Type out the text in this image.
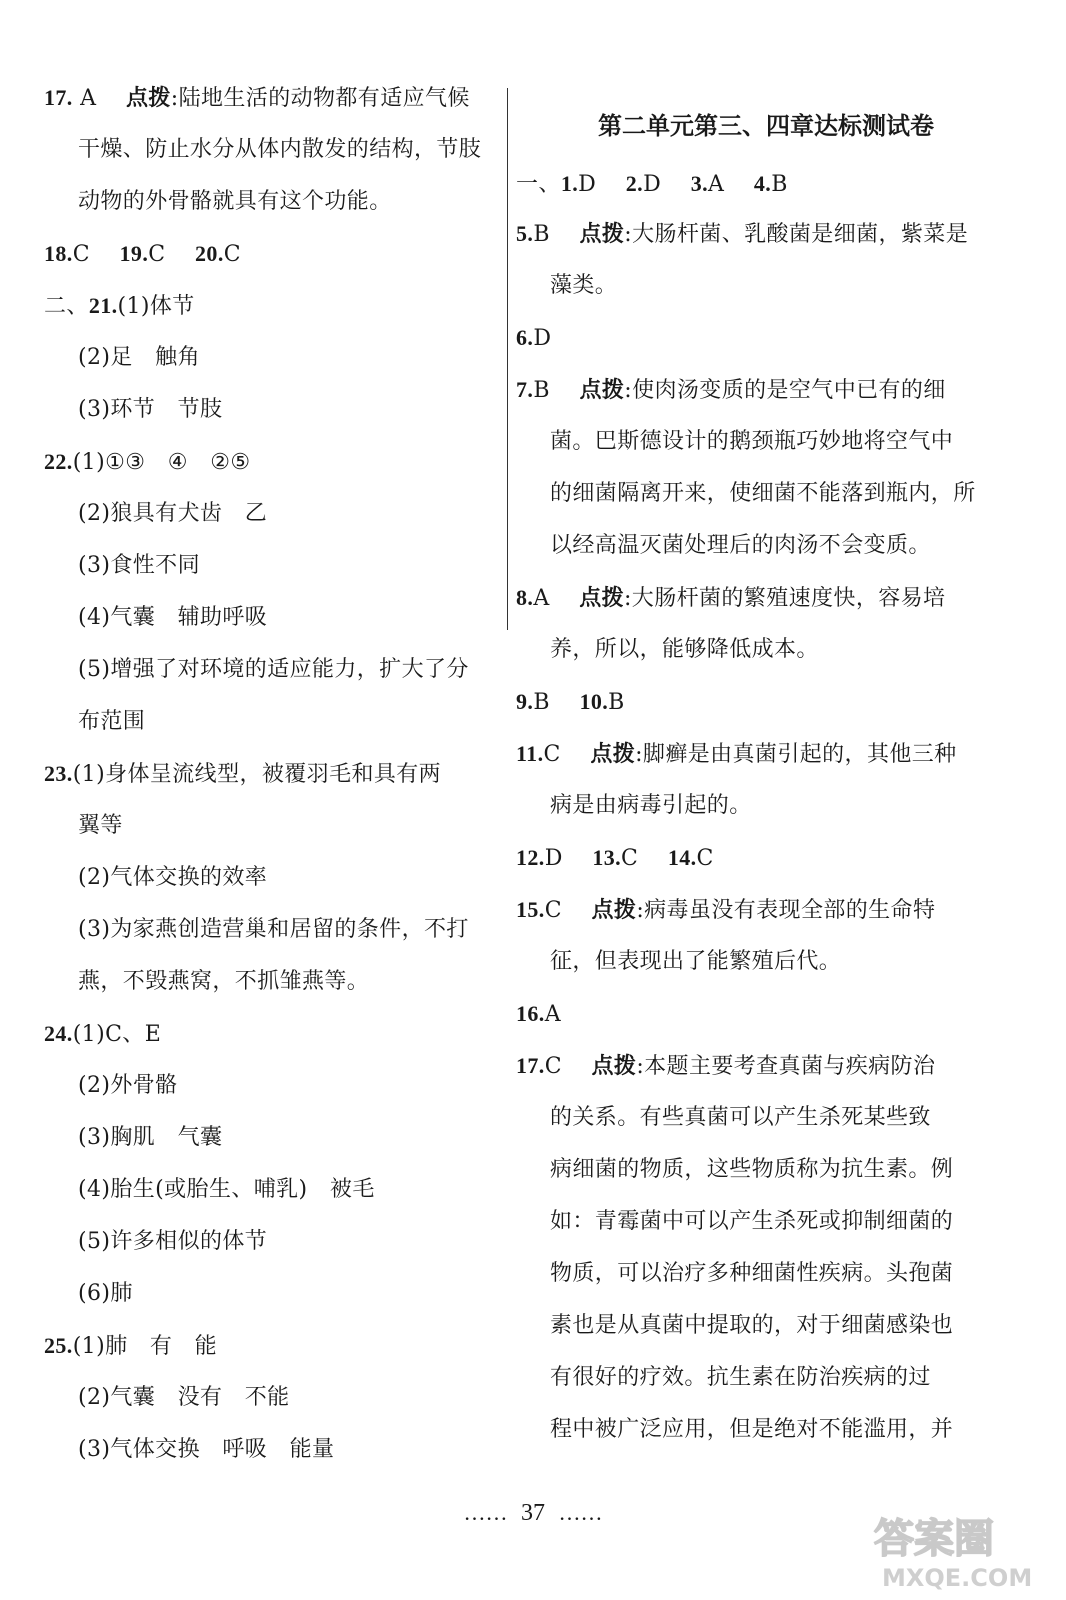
17. A 点拨:陆地生活的动物都有适应气候
干燥、防止水分从体内散发的结构，节肢
动物的外骨骼就具有这个功能。
18.C 19.C 20.C
二、21.(1)体节
(2)足　触角
(3)环节　节肢
22.(1)①③　④　②⑤
(2)狼具有犬齿　乙
(3)食性不同
(4)气囊　辅助呼吸
(5)增强了对环境的适应能力，扩大了分
布范围
23.(1)身体呈流线型，被覆羽毛和具有两
翼等
(2)气体交换的效率
(3)为家燕创造营巢和居留的条件，不打
燕，不毁燕窝，不抓雏燕等。
24.(1)C、E
(2)外骨骼
(3)胸肌　气囊
(4)胎生(或胎生、哺乳)　被毛
(5)许多相似的体节
(6)肺
25.(1)肺　有　能
(2)气囊　没有　不能
(3)气体交换　呼吸　能量
第二单元第三、四章达标测试卷
一、1.D 2.D 3.A 4.B
5.B 点拨:大肠杆菌、乳酸菌是细菌，紫菜是
藻类。
6.D
7.B 点拨:使肉汤变质的是空气中已有的细
菌。巴斯德设计的鹅颈瓶巧妙地将空气中
的细菌隔离开来，使细菌不能落到瓶内，所
以经高温灭菌处理后的肉汤不会变质。
8.A 点拨:大肠杆菌的繁殖速度快，容易培
养，所以，能够降低成本。
9.B 10.B
11.C 点拨:脚癣是由真菌引起的，其他三种
病是由病毒引起的。
12.D 13.C 14.C
15.C 点拨:病毒虽没有表现全部的生命特
征，但表现出了能繁殖后代。
16.A
17.C 点拨:本题主要考查真菌与疾病防治
的关系。有些真菌可以产生杀死某些致
病细菌的物质，这些物质称为抗生素。例
如：青霉菌中可以产生杀死或抑制细菌的
物质，可以治疗多种细菌性疾病。头孢菌
素也是从真菌中提取的，对于细菌感染也
有很好的疗效。抗生素在防治疾病的过
程中被广泛应用，但是绝对不能滥用，并
…… 37 ……
答案圈
MXQE.COM
